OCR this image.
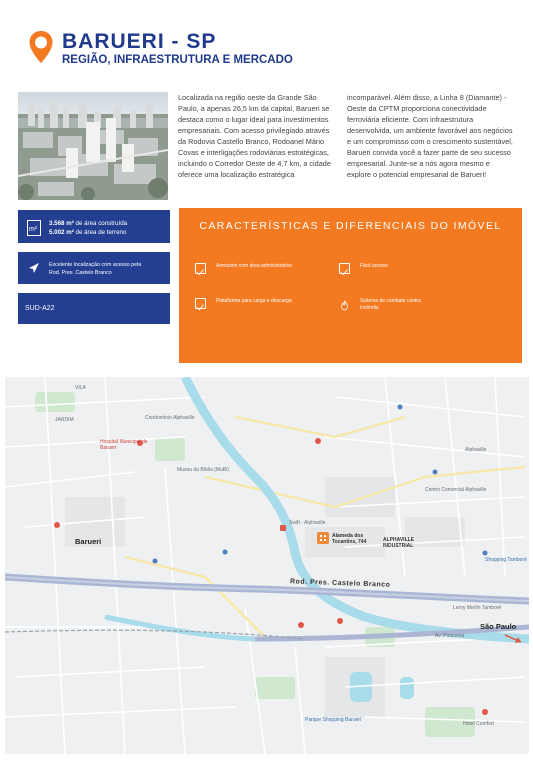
BARUERI - SP
REGIÃO, INFRAESTRUTURA E MERCADO
Localizada na região oeste da Grande São Paulo, a apenas 26,5 km da capital, Barueri se destaca como o lugar ideal para investimentos empresariais. Com acesso privilegiado através da Rodovia Castello Branco, Rodoanel Mário Covas e interligações rodoviárias estratégicas, incluindo o Corredor Oeste de 4,7 km, a cidade oferece uma localização estratégica
incomparável. Além disso, a Linha 8 (Diamante) - Oeste da CPTM proporciona conectividade ferroviária eficiente. Com infraestrutura desenvolvida, um ambiente favorável aos negócios e um compromisso com o crescimento sustentável, Barueri convida você a fazer parte de seu sucesso empresarial. Junte-se a nós agora mesmo e explore o potencial empresarial de Barueri!
m²
3.568 m² de área construída
5.002 m² de área de terreno
Excelente localização com acesso pela
Rod. Pres. Castelo Branco
SUD-A22
CARACTERÍSTICAS E DIFERENCIAIS DO IMÓVEL
Armazém com área administrativa	Fácil acesso
Plataforma para carga e descarga	Sistema de combate contra incêndio
Barueri
São Paulo
ALPHAVILLE INDUSTRIAL
Rod. Pres. Castelo Branco
Alameda dos Tocantins, 744
Swift - Alphaville
Hospital Municipal de Barueri
Museu da Bíblia (MuBi)
Shopping Tamboré
Parque Shopping Barueri
Leroy Merlin Tamboré
Av. Piracema
Alphaville
Hotel Comfort
Centro Comercial Alphaville
Condomínio Alphaville
JARDIM
VILA
